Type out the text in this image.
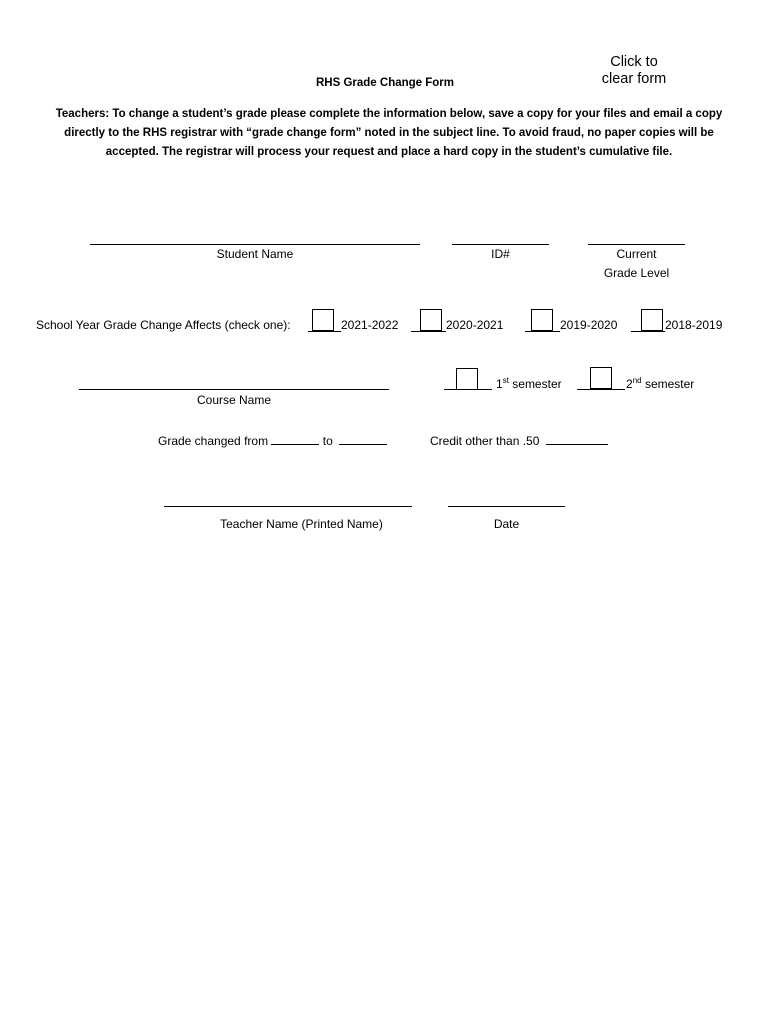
Click to
clear form
RHS Grade Change Form
Teachers: To change a student’s grade please complete the information below, save a copy for your files and email a copy
directly to the RHS registrar with “grade change form” noted in the subject line. To avoid fraud, no paper copies will be
accepted. The registrar will process your request and place a hard copy in the student’s cumulative file.
Student Name	ID#	Current
Grade Level
School Year Grade Change Affects (check one):	2021-2022	2020-2021	2019-2020	2018-2019
Course Name
1st semester	2nd semester
Grade changed from	to	Credit other than .50
Teacher Name (Printed Name)	Date
